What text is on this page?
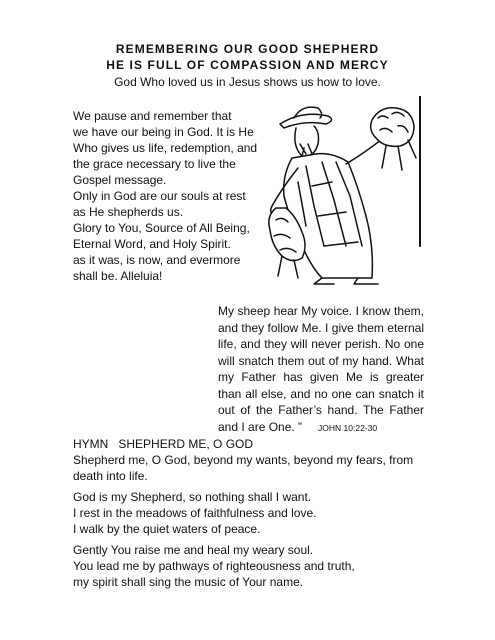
REMEMBERING OUR GOOD SHEPHERD
HE IS FULL OF COMPASSION AND MERCY
God Who loved us in Jesus shows us how to love.

We pause and remember that

we have our being in God. It is He

Who gives us life, redemption, and

the grace necessary to live the

Gospel message.

Only in God are our souls at rest

as He shepherds us.

Glory to You, Source of All Being,

Eternal Word, and Holy Spirit.

as it was, is now, and evermore

shall be. Alleluia!

My sheep hear My voice. I know them, and they follow Me. I give them eternal life, and they will never perish. No one will snatch them out of my hand. What my Father has given Me is greater than all else, and no one can snatch it out of the Father’s hand. The Father and I are One. ” JOHN 10:22-30
HYMN SHEPHERD ME, O GOD

Shepherd me, O God, beyond my wants, beyond my fears, from death into life.

God is my Shepherd, so nothing shall I want.
I rest in the meadows of faithfulness and love.
I walk by the quiet waters of peace.

Gently You raise me and heal my weary soul.
You lead me by pathways of righteousness and truth,
my spirit shall sing the music of Your name.
